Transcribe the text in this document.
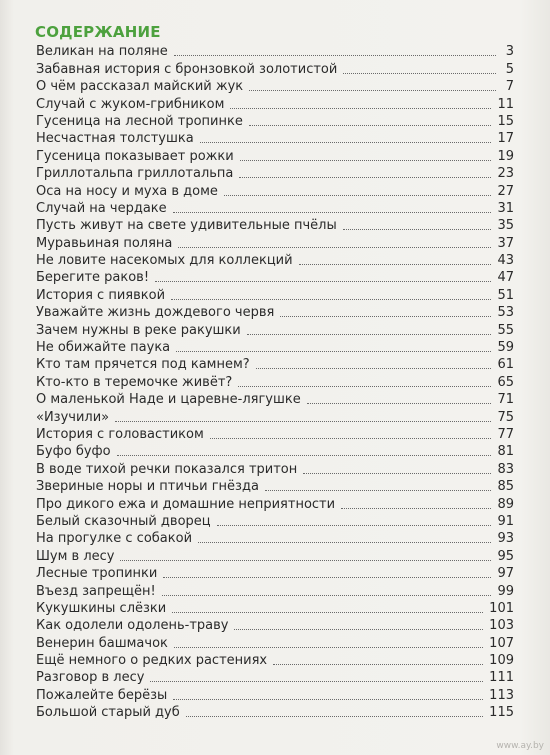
СОДЕРЖАНИЕ
Великан на поляне	3
Забавная история с бронзовкой золотистой	5
О чём рассказал майский жук	7
Случай с жуком-грибником	11
Гусеница на лесной тропинке	15
Несчастная толстушка	17
Гусеница показывает рожки	19
Гриллотальпа гриллотальпа	23
Оса на носу и муха в доме	27
Случай на чердаке	31
Пусть живут на свете удивительные пчёлы	35
Муравьиная поляна	37
Не ловите насекомых для коллекций	43
Берегите раков!	47
История с пиявкой	51
Уважайте жизнь дождевого червя	53
Зачем нужны в реке ракушки	55
Не обижайте паука	59
Кто там прячется под камнем?	61
Кто-кто в теремочке живёт?	65
О маленькой Наде и царевне-лягушке	71
«Изучили»	75
История с головастиком	77
Буфо буфо	81
В воде тихой речки показался тритон	83
Звериные норы и птичьи гнёзда	85
Про дикого ежа и домашние неприятности	89
Белый сказочный дворец	91
На прогулке с собакой	93
Шум в лесу	95
Лесные тропинки	97
Въезд запрещён!	99
Кукушкины слёзки	101
Как одолели одолень-траву	103
Венерин башмачок	107
Ещё немного о редких растениях	109
Разговор в лесу	111
Пожалейте берёзы	113
Большой старый дуб	115
www.ay.by
